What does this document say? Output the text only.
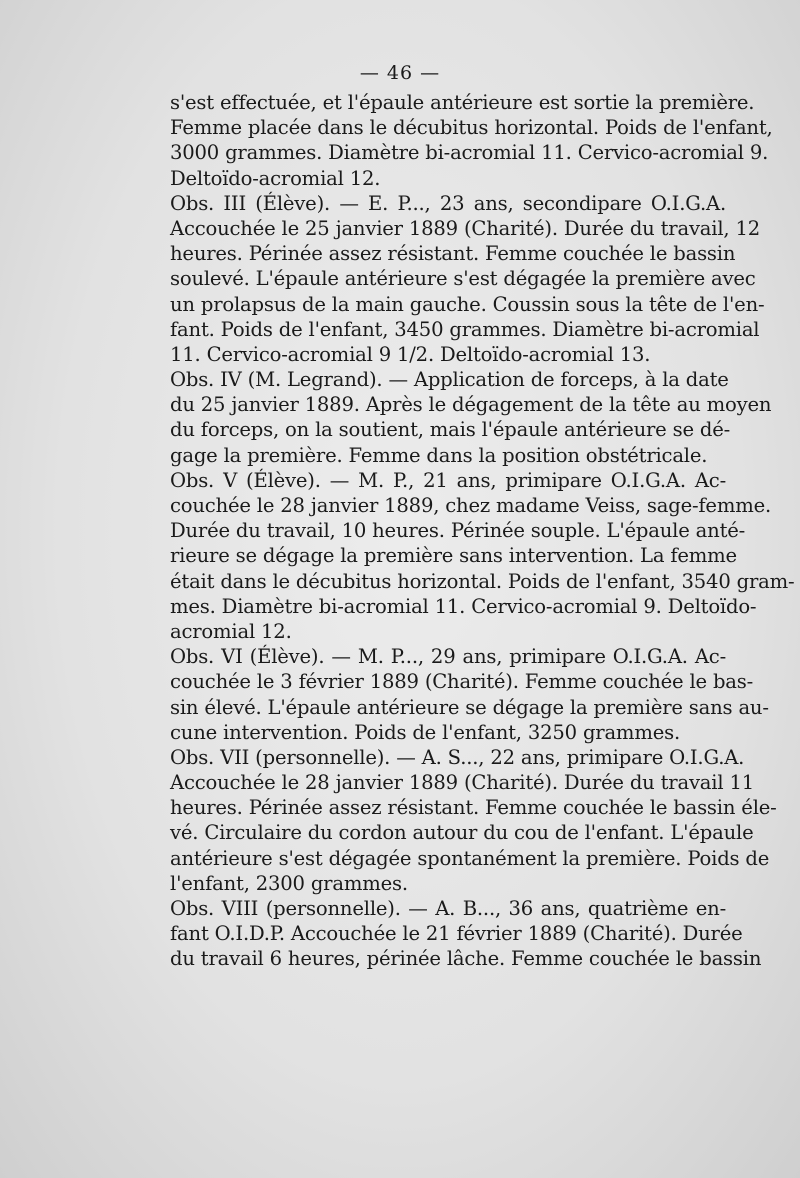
— 46 —
s'est effectuée, et l'épaule antérieure est sortie la première.
Femme placée dans le décubitus horizontal. Poids de l'enfant,
3000 grammes. Diamètre bi-acromial 11. Cervico-acromial 9.
Deltoïdo-acromial 12.
Obs. III (Élève). — E. P..., 23 ans, secondipare O.I.G.A.
Accouchée le 25 janvier 1889 (Charité). Durée du travail, 12
heures. Périnée assez résistant. Femme couchée le bassin
soulevé. L'épaule antérieure s'est dégagée la première avec
un prolapsus de la main gauche. Coussin sous la tête de l'en-
fant. Poids de l'enfant, 3450 grammes. Diamètre bi-acromial
11. Cervico-acromial 9 1/2. Deltoïdo-acromial 13.
Obs. IV (M. Legrand). — Application de forceps, à la date
du 25 janvier 1889. Après le dégagement de la tête au moyen
du forceps, on la soutient, mais l'épaule antérieure se dé-
gage la première. Femme dans la position obstétricale.
Obs. V (Élève). — M. P., 21 ans, primipare O.I.G.A. Ac-
couchée le 28 janvier 1889, chez madame Veiss, sage-femme.
Durée du travail, 10 heures. Périnée souple. L'épaule anté-
rieure se dégage la première sans intervention. La femme
était dans le décubitus horizontal. Poids de l'enfant, 3540 gram-
mes. Diamètre bi-acromial 11. Cervico-acromial 9. Deltoïdo-
acromial 12.
Obs. VI (Élève). — M. P..., 29 ans, primipare O.I.G.A. Ac-
couchée le 3 février 1889 (Charité). Femme couchée le bas-
sin élevé. L'épaule antérieure se dégage la première sans au-
cune intervention. Poids de l'enfant, 3250 grammes.
Obs. VII (personnelle). — A. S..., 22 ans, primipare O.I.G.A.
Accouchée le 28 janvier 1889 (Charité). Durée du travail 11
heures. Périnée assez résistant. Femme couchée le bassin éle-
vé. Circulaire du cordon autour du cou de l'enfant. L'épaule
antérieure s'est dégagée spontanément la première. Poids de
l'enfant, 2300 grammes.
Obs. VIII (personnelle). — A. B..., 36 ans, quatrième en-
fant O.I.D.P. Accouchée le 21 février 1889 (Charité). Durée
du travail 6 heures, périnée lâche. Femme couchée le bassin
